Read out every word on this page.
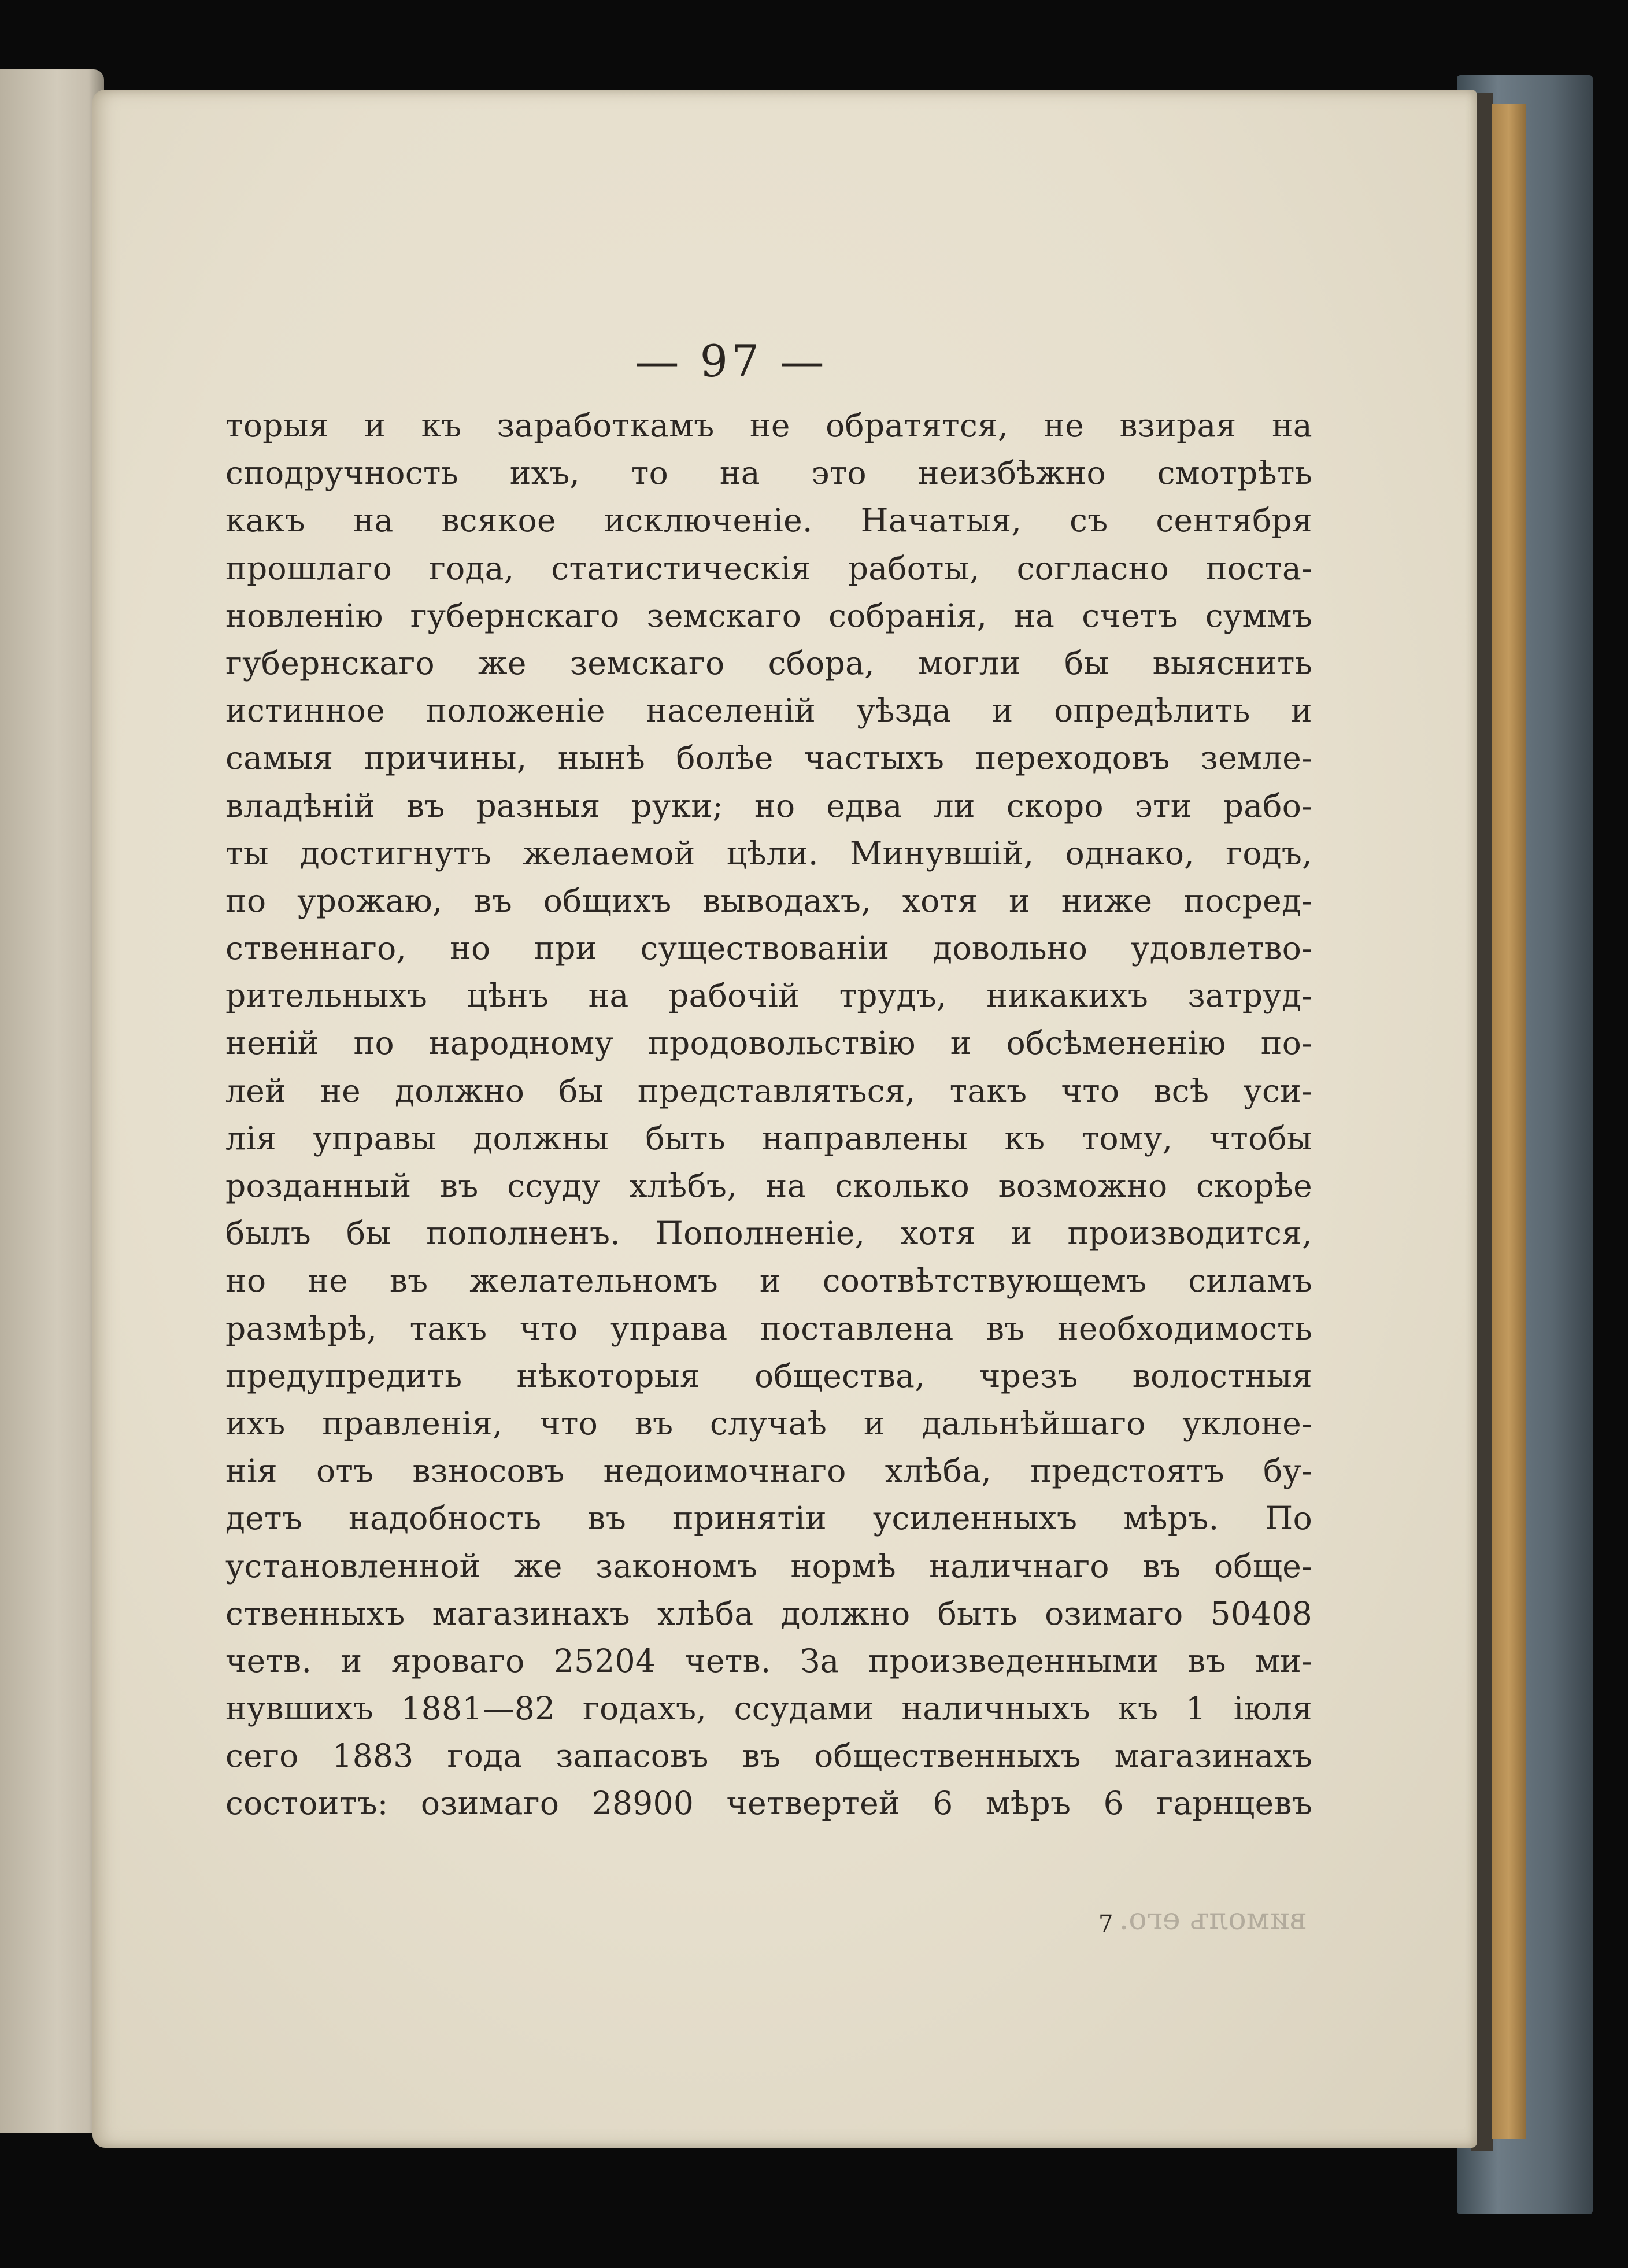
— 97 —
торыя и къ заработкамъ не обратятся, не взирая на
сподручность ихъ, то на это неизбѣжно смотрѣть
какъ на всякое исключеніе. Начатыя, съ сентября
прошлаго года, статистическія работы, согласно поста-
новленію губернскаго земскаго собранія, на счетъ суммъ
губернскаго же земскаго сбора, могли бы выяснить
истинное положеніе населеній уѣзда и опредѣлить и
самыя причины, нынѣ болѣе частыхъ переходовъ земле-
владѣній въ разныя руки; но едва ли скоро эти рабо-
ты достигнутъ желаемой цѣли. Минувшій, однако, годъ,
по урожаю, въ общихъ выводахъ, хотя и ниже посред-
ственнаго, но при существованіи довольно удовлетво-
рительныхъ цѣнъ на рабочій трудъ, никакихъ затруд-
неній по народному продовольствію и обсѣмененію по-
лей не должно бы представляться, такъ что всѣ уси-
лія управы должны быть направлены къ тому, чтобы
розданный въ ссуду хлѣбъ, на сколько возможно скорѣе
былъ бы пополненъ. Пополненіе, хотя и производится,
но не въ желательномъ и соотвѣтствующемъ силамъ
размѣрѣ, такъ что управа поставлена въ необходимость
предупредить нѣкоторыя общества, чрезъ волостныя
ихъ правленія, что въ случаѣ и дальнѣйшаго уклоне-
нія отъ взносовъ недоимочнаго хлѣба, предстоятъ бу-
детъ надобность въ принятіи усиленныхъ мѣръ. По
установленной же закономъ нормѣ наличнаго въ обще-
ственныхъ магазинахъ хлѣба должно быть озимаго 50408
четв. и яроваго 25204 четв. За произведенными въ ми-
нувшихъ 1881—82 годахъ, ссудами наличныхъ къ 1 іюля
сего 1883 года запасовъ въ общественныхъ магазинахъ
состоитъ: озимаго 28900 четвертей 6 мѣръ 6 гарнцевъ
вимолъ его.
7
